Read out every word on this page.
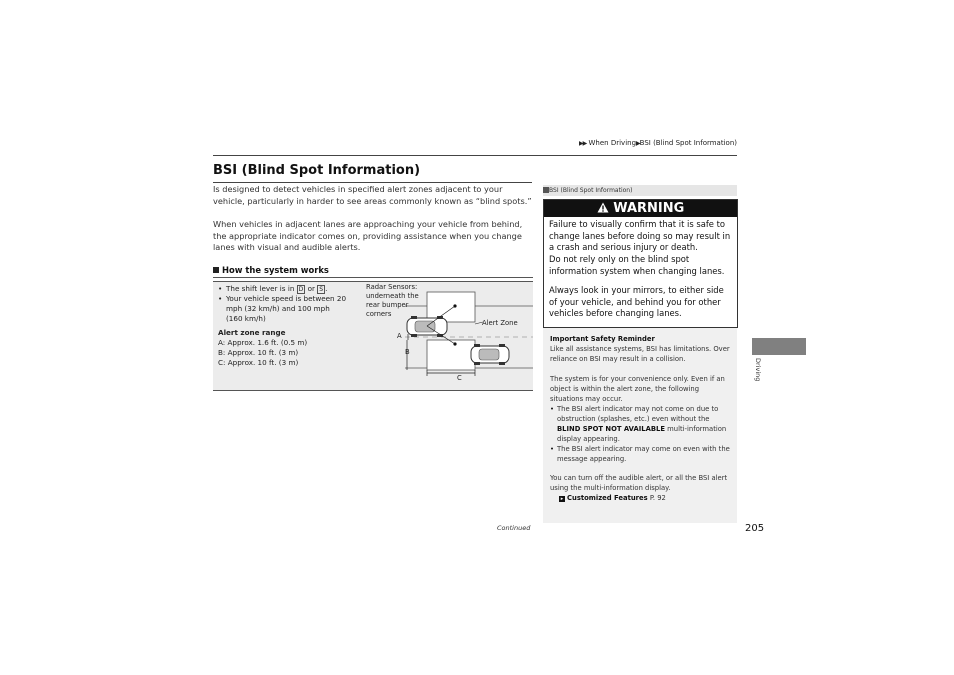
▶▶ When Driving▶BSI (Blind Spot Information)
BSI (Blind Spot Information)
Is designed to detect vehicles in specified alert zones adjacent to your vehicle, particularly in harder to see areas commonly known as “blind spots.”
When vehicles in adjacent lanes are approaching your vehicle from behind, the appropriate indicator comes on, providing assistance when you change lanes with visual and audible alerts.
How the system works
• The shift lever is in D or S .
• Your vehicle speed is between 20 mph (32 km/h) and 100 mph (160 km/h)
Alert zone range
A: Approx. 1.6 ft. (0.5 m)
B: Approx. 10 ft. (3 m)
C: Approx. 10 ft. (3 m)
Radar Sensors: underneath the rear bumper corners
Alert Zone
A
B
C
BSI (Blind Spot Information)
WARNING
Failure to visually confirm that it is safe to change lanes before doing so may result in a crash and serious injury or death.
Do not rely only on the blind spot information system when changing lanes.
Always look in your mirrors, to either side of your vehicle, and behind you for other vehicles before changing lanes.
Important Safety Reminder
Like all assistance systems, BSI has limitations. Over reliance on BSI may result in a collision.
The system is for your convenience only. Even if an object is within the alert zone, the following situations may occur.
• The BSI alert indicator may not come on due to obstruction (splashes, etc.) even without the BLIND SPOT NOT AVAILABLE multi-information display appearing.
• The BSI alert indicator may come on even with the message appearing.
You can turn off the audible alert, or all the BSI alert using the multi-information display.
▸ Customized Features P. 92
Driving
Continued	205
